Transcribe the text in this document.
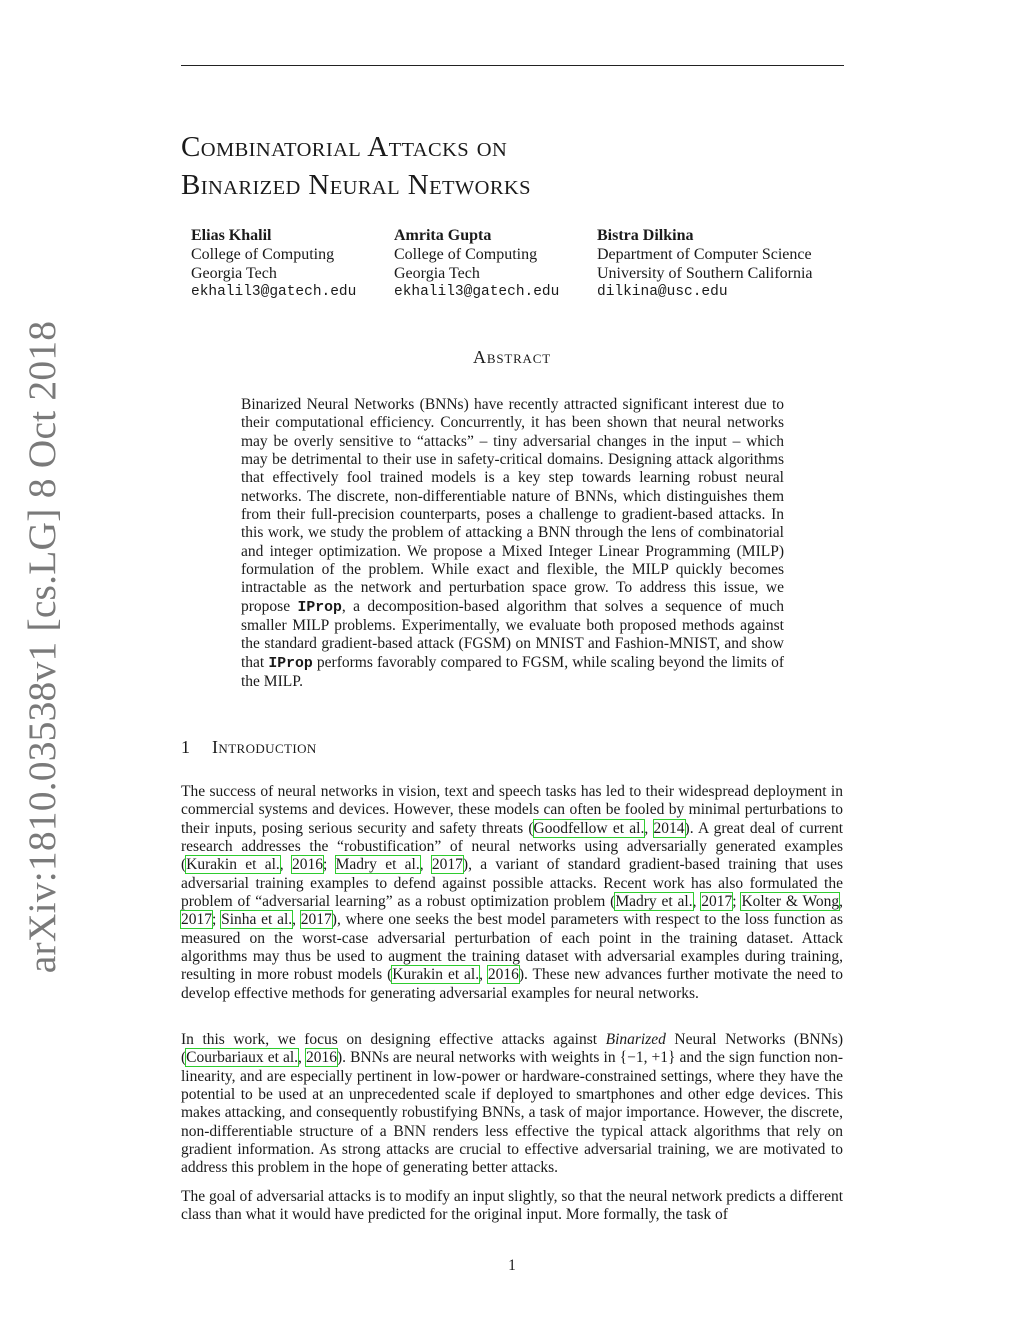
arXiv:1810.03538v1 [cs.LG] 8 Oct 2018
COMBINATORIAL ATTACKS ON
BINARIZED NEURAL NETWORKS
Elias Khalil
College of Computing
Georgia Tech
ekhalil3@gatech.edu
Amrita Gupta
College of Computing
Georgia Tech
ekhalil3@gatech.edu
Bistra Dilkina
Department of Computer Science
University of Southern California
dilkina@usc.edu
ABSTRACT
Binarized Neural Networks (BNNs) have recently attracted significant interest due to their computational efficiency. Concurrently, it has been shown that neural networks may be overly sensitive to “attacks” – tiny adversarial changes in the input – which may be detrimental to their use in safety-critical domains. Designing attack algorithms that effectively fool trained models is a key step towards learning robust neural networks. The discrete, non-differentiable nature of BNNs, which distinguishes them from their full-precision counterparts, poses a challenge to gradient-based attacks. In this work, we study the problem of attacking a BNN through the lens of combinatorial and integer optimization. We propose a Mixed Integer Linear Programming (MILP) formulation of the problem. While exact and flexible, the MILP quickly becomes intractable as the network and perturbation space grow. To address this issue, we propose IProp, a decomposition-based algorithm that solves a sequence of much smaller MILP problems. Experimentally, we evaluate both proposed methods against the standard gradient-based attack (FGSM) on MNIST and Fashion-MNIST, and show that IProp performs favorably compared to FGSM, while scaling beyond the limits of the MILP.
1 INTRODUCTION

The success of neural networks in vision, text and speech tasks has led to their widespread deployment in commercial systems and devices. However, these models can often be fooled by minimal perturbations to their inputs, posing serious security and safety threats (Goodfellow et al., 2014). A great deal of current research addresses the “robustification” of neural networks using adversarially generated examples (Kurakin et al., 2016; Madry et al., 2017), a variant of standard gradient-based training that uses adversarial training examples to defend against possible attacks. Recent work has also formulated the problem of “adversarial learning” as a robust optimization problem (Madry et al., 2017; Kolter & Wong, 2017; Sinha et al., 2017), where one seeks the best model parameters with respect to the loss function as measured on the worst-case adversarial perturbation of each point in the training dataset. Attack algorithms may thus be used to augment the training dataset with adversarial examples during training, resulting in more robust models (Kurakin et al., 2016). These new advances further motivate the need to develop effective methods for generating adversarial examples for neural networks.

In this work, we focus on designing effective attacks against Binarized Neural Networks (BNNs) (Courbariaux et al., 2016). BNNs are neural networks with weights in {−1, +1} and the sign function non-linearity, and are especially pertinent in low-power or hardware-constrained settings, where they have the potential to be used at an unprecedented scale if deployed to smartphones and other edge devices. This makes attacking, and consequently robustifying BNNs, a task of major importance. However, the discrete, non-differentiable structure of a BNN renders less effective the typical attack algorithms that rely on gradient information. As strong attacks are crucial to effective adversarial training, we are motivated to address this problem in the hope of generating better attacks.

The goal of adversarial attacks is to modify an input slightly, so that the neural network predicts a different class than what it would have predicted for the original input. More formally, the task of

1
